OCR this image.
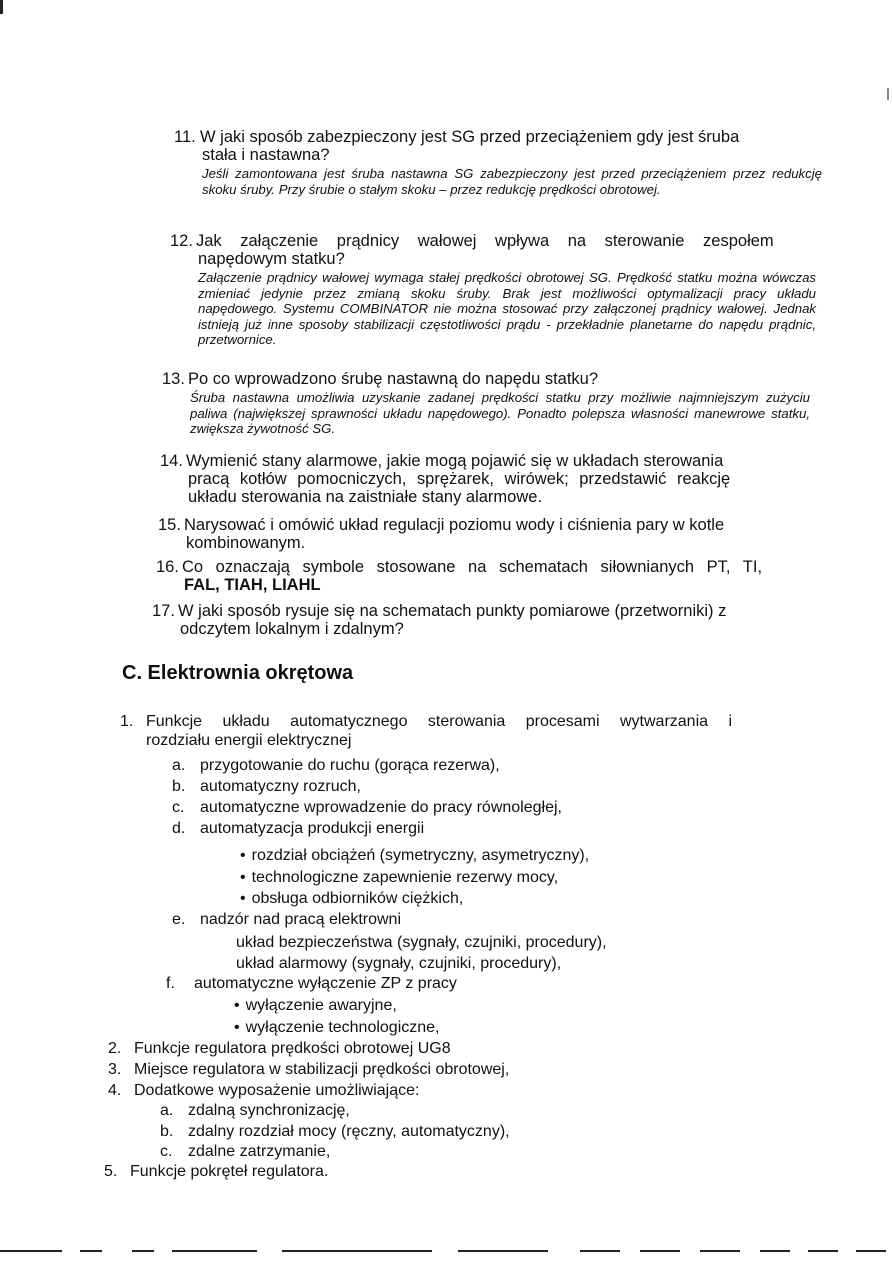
11. W jaki sposób zabezpieczony jest SG przed przeciążeniem gdy jest śruba
stała i nastawna?
Jeśli zamontowana jest śruba nastawna SG zabezpieczony jest przed przeciążeniem przez redukcję skoku śruby. Przy śrubie o stałym skoku – przez redukcję prędkości obrotowej.
12. Jak załączenie prądnicy wałowej wpływa na sterowanie zespołem
napędowym statku?
Załączenie prądnicy wałowej wymaga stałej prędkości obrotowej SG. Prędkość statku można wówczas zmieniać jedynie przez zmianą skoku śruby. Brak jest możliwości optymalizacji pracy układu napędowego. Systemu COMBINATOR nie można stosować przy załączonej prądnicy wałowej. Jednak istnieją już inne sposoby stabilizacji częstotliwości prądu - przekładnie planetarne do napędu prądnic, przetwornice.
13. Po co wprowadzono śrubę nastawną do napędu statku?
Śruba nastawna umożliwia uzyskanie zadanej prędkości statku przy możliwie najmniejszym zużyciu paliwa (największej sprawności układu napędowego). Ponadto polepsza własności manewrowe statku, zwiększa żywotność SG.
14. Wymienić stany alarmowe, jakie mogą pojawić się w układach sterowania
pracą kotłów pomocniczych, sprężarek, wirówek; przedstawić reakcję
układu sterowania na zaistniałe stany alarmowe.
15. Narysować i omówić układ regulacji poziomu wody i ciśnienia pary w kotle
kombinowanym.
16. Co oznaczają symbole stosowane na schematach siłownianych PT, TI,
FAL, TIAH, LIAHL
17. W jaki sposób rysuje się na schematach punkty pomiarowe (przetworniki) z
odczytem lokalnym i zdalnym?
C. Elektrownia okrętowa
1. Funkcje układu automatycznego sterowania procesami wytwarzania i
rozdziału energii elektrycznej
a. przygotowanie do ruchu (gorąca rezerwa),
b. automatyczny rozruch,
c. automatyczne wprowadzenie do pracy równoległej,
d. automatyzacja produkcji energii
• rozdział obciążeń (symetryczny, asymetryczny),
• technologiczne zapewnienie rezerwy mocy,
• obsługa odbiorników ciężkich,
e. nadzór nad pracą elektrowni
układ bezpieczeństwa (sygnały, czujniki, procedury),
układ alarmowy (sygnały, czujniki, procedury),
f. automatyczne wyłączenie ZP z pracy
• wyłączenie awaryjne,
• wyłączenie technologiczne,
2. Funkcje regulatora prędkości obrotowej UG8
3. Miejsce regulatora w stabilizacji prędkości obrotowej,
4. Dodatkowe wyposażenie umożliwiające:
a. zdalną synchronizację,
b. zdalny rozdział mocy (ręczny, automatyczny),
c. zdalne zatrzymanie,
5. Funkcje pokręteł regulatora.
